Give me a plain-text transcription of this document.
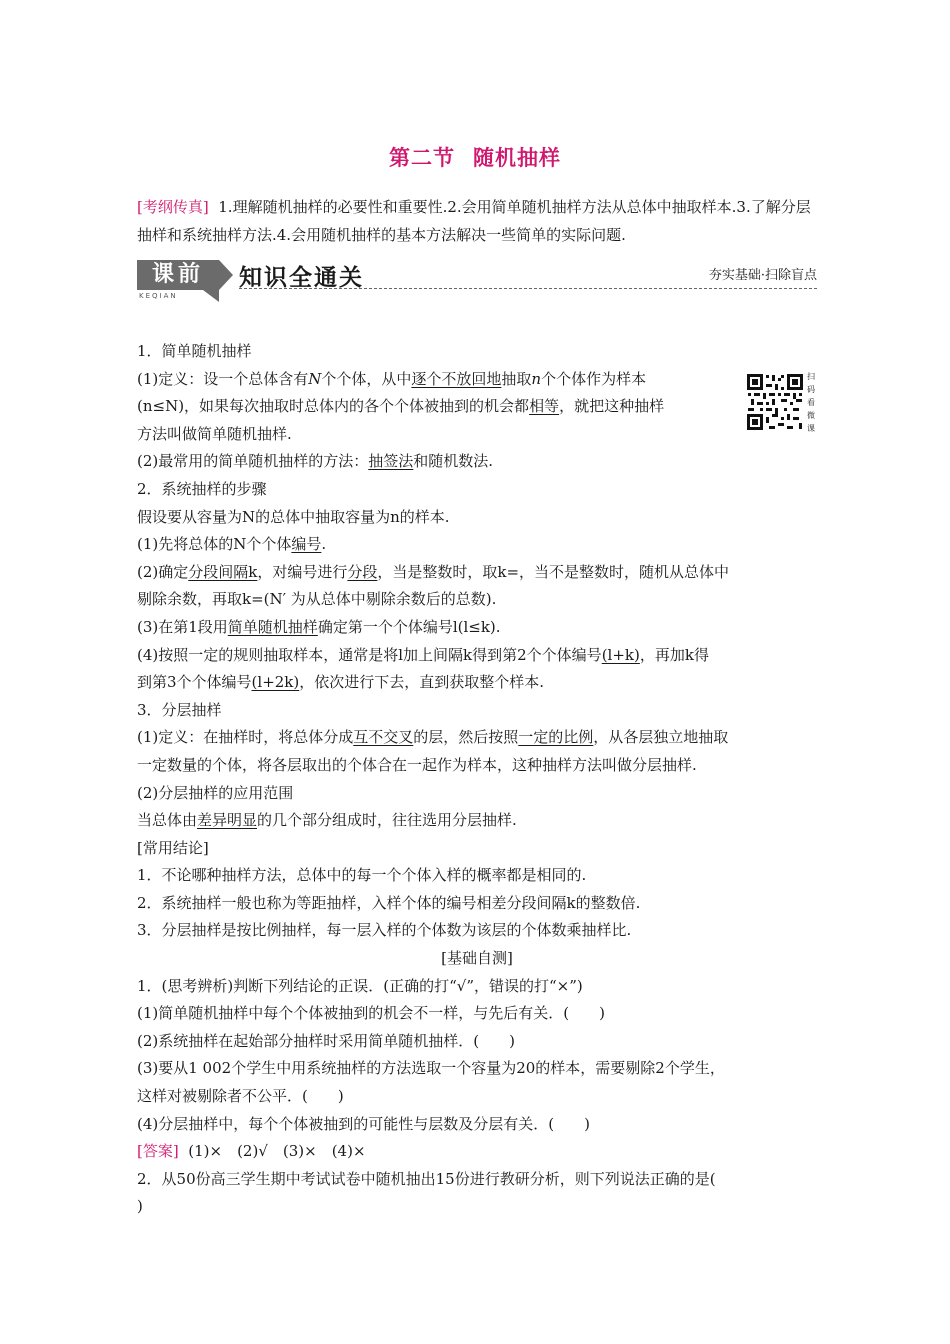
第二节 随机抽样
[考纲传真] 1.理解随机抽样的必要性和重要性.2.会用简单随机抽样方法从总体中抽取样本.3.了解分层抽样和系统抽样方法.4.会用随机抽样的基本方法解决一些简单的实际问题.
课前
KEQIAN
知识全通关	夯实基础·扫除盲点
扫码看微课

1．简单随机抽样

(1)定义：设一个总体含有N个个体，从中逐个不放回地抽取n个个体作为样本
(n≤N)，如果每次抽取时总体内的各个个体被抽到的机会都相等，就把这种抽样
方法叫做简单随机抽样.

(2)最常用的简单随机抽样的方法：抽签法和随机数法.

2．系统抽样的步骤

假设要从容量为N的总体中抽取容量为n的样本.

(1)先将总体的N个个体编号.

(2)确定分段间隔k，对编号进行分段，当是整数时，取k=，当不是整数时，随机从总体中
剔除余数，再取k=(N′ 为从总体中剔除余数后的总数).

(3)在第1段用简单随机抽样确定第一个个体编号l(l≤k).

(4)按照一定的规则抽取样本，通常是将l加上间隔k得到第2个个体编号(l+k)，再加k得
到第3个个体编号(l+2k)，依次进行下去，直到获取整个样本.

3．分层抽样

(1)定义：在抽样时，将总体分成互不交叉的层，然后按照一定的比例，从各层独立地抽取
一定数量的个体，将各层取出的个体合在一起作为样本，这种抽样方法叫做分层抽样.

(2)分层抽样的应用范围

当总体由差异明显的几个部分组成时，往往选用分层抽样.

[常用结论]

1．不论哪种抽样方法，总体中的每一个个体入样的概率都是相同的.

2．系统抽样一般也称为等距抽样，入样个体的编号相差分段间隔k的整数倍.

3．分层抽样是按比例抽样，每一层入样的个体数为该层的个体数乘抽样比.

[基础自测]

1．(思考辨析)判断下列结论的正误．(正确的打“√”，错误的打“×”)

(1)简单随机抽样中每个个体被抽到的机会不一样，与先后有关．(　　)

(2)系统抽样在起始部分抽样时采用简单随机抽样．(　　)

(3)要从1 002个学生中用系统抽样的方法选取一个容量为20的样本，需要剔除2个学生，
这样对被剔除者不公平．(　　)

(4)分层抽样中，每个个体被抽到的可能性与层数及分层有关．(　　)

[答案] (1)×　(2)√　(3)×　(4)×

2．从50份高三学生期中考试试卷中随机抽出15份进行教研分析，则下列说法正确的是(
)
